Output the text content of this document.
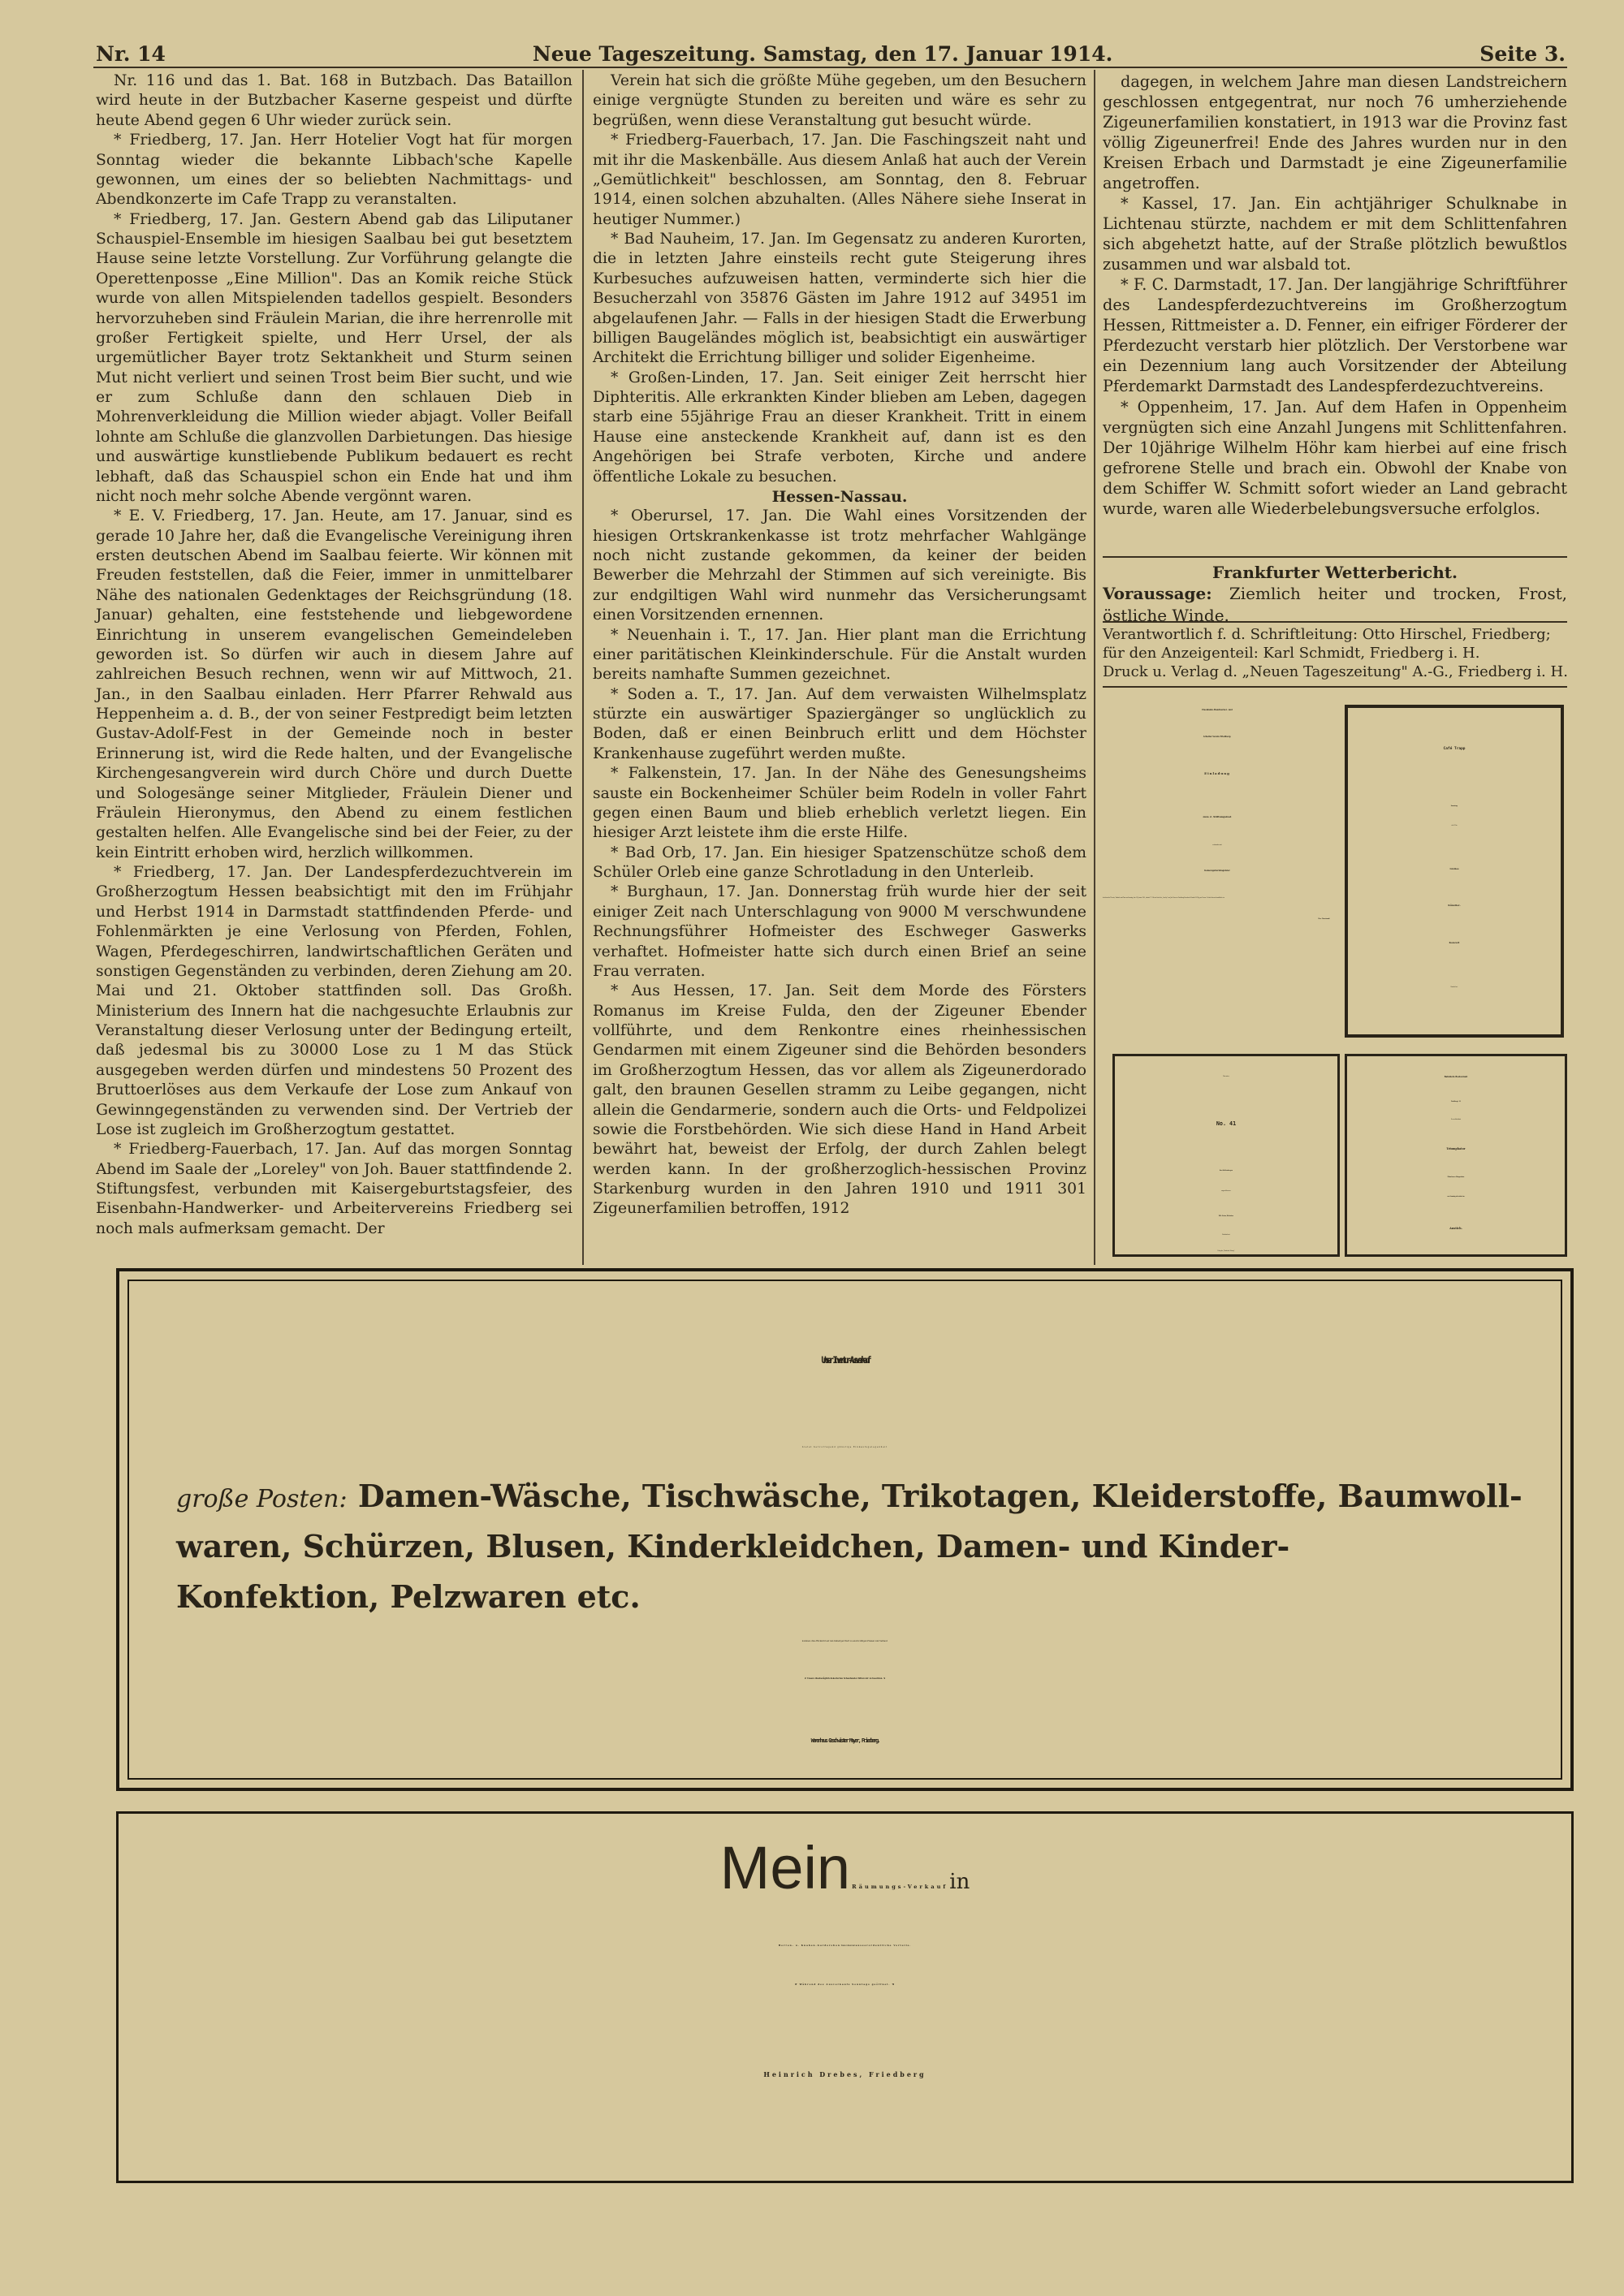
Nr. 14	Neue Tageszeitung. Samstag, den 17. Januar 1914.	Seite 3.

Nr. 116 und das 1. Bat. 168 in Butzbach. Das Bataillon wird heute in der Butzbacher Kaserne gespeist und dürfte heute Abend gegen 6 Uhr wieder zurück sein.

* Friedberg, 17. Jan. Herr Hotelier Vogt hat für morgen Sonntag wieder die bekannte Libbach'sche Kapelle gewonnen, um eines der so beliebten Nachmittags- und Abendkonzerte im Cafe Trapp zu veranstalten.

* Friedberg, 17. Jan. Gestern Abend gab das Liliputaner Schauspiel-Ensemble im hiesigen Saalbau bei gut besetztem Hause seine letzte Vorstellung. Zur Vorführung gelangte die Operettenposse „Eine Million". Das an Komik reiche Stück wurde von allen Mitspielenden tadellos gespielt. Besonders hervorzuheben sind Fräulein Marian, die ihre herrenrolle mit großer Fertigkeit spielte, und Herr Ursel, der als urgemütlicher Bayer trotz Sektankheit und Sturm seinen Mut nicht verliert und seinen Trost beim Bier sucht, und wie er zum Schluße dann den schlauen Dieb in Mohrenverkleidung die Million wieder abjagt. Voller Beifall lohnte am Schluße die glanzvollen Darbietungen. Das hiesige und auswärtige kunstliebende Publikum bedauert es recht lebhaft, daß das Schauspiel schon ein Ende hat und ihm nicht noch mehr solche Abende vergönnt waren.

* E. V. Friedberg, 17. Jan. Heute, am 17. Januar, sind es gerade 10 Jahre her, daß die Evangelische Vereinigung ihren ersten deutschen Abend im Saalbau feierte. Wir können mit Freuden feststellen, daß die Feier, immer in unmittelbarer Nähe des nationalen Gedenktages der Reichsgründung (18. Januar) gehalten, eine feststehende und liebgewordene Einrichtung in unserem evangelischen Gemeindeleben geworden ist. So dürfen wir auch in diesem Jahre auf zahlreichen Besuch rechnen, wenn wir auf Mittwoch, 21. Jan., in den Saalbau einladen. Herr Pfarrer Rehwald aus Heppenheim a. d. B., der von seiner Festpredigt beim letzten Gustav-Adolf-Fest in der Gemeinde noch in bester Erinnerung ist, wird die Rede halten, und der Evangelische Kirchengesangverein wird durch Chöre und durch Duette und Sologesänge seiner Mitglieder, Fräulein Diener und Fräulein Hieronymus, den Abend zu einem festlichen gestalten helfen. Alle Evangelische sind bei der Feier, zu der kein Eintritt erhoben wird, herzlich willkommen.

* Friedberg, 17. Jan. Der Landespferdezuchtverein im Großherzogtum Hessen beabsichtigt mit den im Frühjahr und Herbst 1914 in Darmstadt stattfindenden Pferde- und Fohlenmärkten je eine Verlosung von Pferden, Fohlen, Wagen, Pferdegeschirren, landwirtschaftlichen Geräten und sonstigen Gegenständen zu verbinden, deren Ziehung am 20. Mai und 21. Oktober stattfinden soll. Das Großh. Ministerium des Innern hat die nachgesuchte Erlaubnis zur Veranstaltung dieser Verlosung unter der Bedingung erteilt, daß jedesmal bis zu 30000 Lose zu 1 M das Stück ausgegeben werden dürfen und mindestens 50 Prozent des Bruttoerlöses aus dem Verkaufe der Lose zum Ankauf von Gewinngegenständen zu verwenden sind. Der Vertrieb der Lose ist zugleich im Großherzogtum gestattet.

* Friedberg-Fauerbach, 17. Jan. Auf das morgen Sonntag Abend im Saale der „Loreley" von Joh. Bauer stattfindende 2. Stiftungsfest, verbunden mit Kaisergeburtstagsfeier, des Eisenbahn-Handwerker- und Arbeitervereins Friedberg sei noch mals aufmerksam gemacht. Der

Verein hat sich die größte Mühe gegeben, um den Besuchern einige vergnügte Stunden zu bereiten und wäre es sehr zu begrüßen, wenn diese Veranstaltung gut besucht würde.

* Friedberg-Fauerbach, 17. Jan. Die Faschingszeit naht und mit ihr die Maskenbälle. Aus diesem Anlaß hat auch der Verein „Gemütlichkeit" beschlossen, am Sonntag, den 8. Februar 1914, einen solchen abzuhalten. (Alles Nähere siehe Inserat in heutiger Nummer.)

* Bad Nauheim, 17. Jan. Im Gegensatz zu anderen Kurorten, die in letzten Jahre einsteils recht gute Steigerung ihres Kurbesuches aufzuweisen hatten, verminderte sich hier die Besucherzahl von 35876 Gästen im Jahre 1912 auf 34951 im abgelaufenen Jahr. — Falls in der hiesigen Stadt die Erwerbung billigen Baugeländes möglich ist, beabsichtigt ein auswärtiger Architekt die Errichtung billiger und solider Eigenheime.

* Großen-Linden, 17. Jan. Seit einiger Zeit herrscht hier Diphteritis. Alle erkrankten Kinder blieben am Leben, dagegen starb eine 55jährige Frau an dieser Krankheit. Tritt in einem Hause eine ansteckende Krankheit auf, dann ist es den Angehörigen bei Strafe verboten, Kirche und andere öffentliche Lokale zu besuchen.

Hessen-Nassau.

* Oberursel, 17. Jan. Die Wahl eines Vorsitzenden der hiesigen Ortskrankenkasse ist trotz mehrfacher Wahlgänge noch nicht zustande gekommen, da keiner der beiden Bewerber die Mehrzahl der Stimmen auf sich vereinigte. Bis zur endgiltigen Wahl wird nunmehr das Versicherungsamt einen Vorsitzenden ernennen.

* Neuenhain i. T., 17. Jan. Hier plant man die Errichtung einer paritätischen Kleinkinderschule. Für die Anstalt wurden bereits namhafte Summen gezeichnet.

* Soden a. T., 17. Jan. Auf dem verwaisten Wilhelmsplatz stürzte ein auswärtiger Spaziergänger so unglücklich zu Boden, daß er einen Beinbruch erlitt und dem Höchster Krankenhause zugeführt werden mußte.

* Falkenstein, 17. Jan. In der Nähe des Genesungsheims sauste ein Bockenheimer Schüler beim Rodeln in voller Fahrt gegen einen Baum und blieb erheblich verletzt liegen. Ein hiesiger Arzt leistete ihm die erste Hilfe.

* Bad Orb, 17. Jan. Ein hiesiger Spatzenschütze schoß dem Schüler Orleb eine ganze Schrotladung in den Unterleib.

* Burghaun, 17. Jan. Donnerstag früh wurde hier der seit einiger Zeit nach Unterschlagung von 9000 M verschwundene Rechnungsführer Hofmeister des Eschweger Gaswerks verhaftet. Hofmeister hatte sich durch einen Brief an seine Frau verraten.

* Aus Hessen, 17. Jan. Seit dem Morde des Försters Romanus im Kreise Fulda, den der Zigeuner Ebender vollführte, und dem Renkontre eines rheinhessischen Gendarmen mit einem Zigeuner sind die Behörden besonders im Großherzogtum Hessen, das vor allem als Zigeunerdorado galt, den braunen Gesellen stramm zu Leibe gegangen, nicht allein die Gendarmerie, sondern auch die Orts- und Feldpolizei sowie die Forstbehörden. Wie sich diese Hand in Hand Arbeit bewährt hat, beweist der Erfolg, der durch Zahlen belegt werden kann. In der großherzoglich-hessischen Provinz Starkenburg wurden in den Jahren 1910 und 1911 301 Zigeunerfamilien betroffen, 1912

dagegen, in welchem Jahre man diesen Landstreichern geschlossen entgegentrat, nur noch 76 umherziehende Zigeunerfamilien konstatiert, in 1913 war die Provinz fast völlig Zigeunerfrei! Ende des Jahres wurden nur in den Kreisen Erbach und Darmstadt je eine Zigeunerfamilie angetroffen.

* Kassel, 17. Jan. Ein achtjähriger Schulknabe in Lichtenau stürzte, nachdem er mit dem Schlittenfahren sich abgehetzt hatte, auf der Straße plötzlich bewußtlos zusammen und war alsbald tot.

* F. C. Darmstadt, 17. Jan. Der langjährige Schriftführer des Landespferdezuchtvereins im Großherzogtum Hessen, Rittmeister a. D. Fenner, ein eifriger Förderer der Pferdezucht verstarb hier plötzlich. Der Verstorbene war ein Dezennium lang auch Vorsitzender der Abteilung Pferdemarkt Darmstadt des Landespferdezuchtvereins.

* Oppenheim, 17. Jan. Auf dem Hafen in Oppenheim vergnügten sich eine Anzahl Jungens mit Schlittenfahren. Der 10jährige Wilhelm Höhr kam hierbei auf eine frisch gefrorene Stelle und brach ein. Obwohl der Knabe von dem Schiffer W. Schmitt sofort wieder an Land gebracht wurde, waren alle Wiederbelebungsversuche erfolglos.

Frankfurter Wetterbericht.

Voraussage: Ziemlich heiter und trocken, Frost, östliche Winde.

Verantwortlich f. d. Schriftleitung: Otto Hirschel, Friedberg;
für den Anzeigenteil: Karl Schmidt, Friedberg i. H.
Druck u. Verlag d. „Neuen Tageszeitung" A.-G., Friedberg i. H.
Eisenbahn-Handwerker- und
Arbeiter-Verein Friedberg.
Einladung
zum 2. Stiftungsfest
verbunden mit
Kaisersgeburtstagsfeier
bestehend in Theater, Tombola und Tanz am Sonntag, den 18. Januar 1914, abends 7½ Uhr im Saale der „Loreley" von Joh. Bauer in Friedberg-Fauerbach. Eintritt 30 Pfg. pro Person. Es ladet hierzu freundlichst ein
Der Vorstand.
Café Trapp
Sonntag,
ab 4 Uhr
Großes
Künstler-
Konzert
Eintritt frei.
Bin unter
No. 41
Amt Heldenbergen
angeschlossen.
Wilh. Scheer, Windecken
Buchdruckerei
Verlag der „Windecker Zeitung".
Bahnhofs-Restaurant
Friedberg i. H.
Das weltberühmt
Triumphator
Münchener Bürgerbräu
von Sonntag ab wieder im
Anstich.
Unser Inventur-Ausverkauf
bietet hervorragend günstige Einkaufsgelegenheit
große Posten: Damen-Wäsche, Tischwäsche, Trikotagen, Kleiderstoffe, Baumwoll-
waren, Schürzen, Blusen, Kinderkleidchen, Damen- und Kinder-
Konfektion, Pelzwaren etc.
kommen ohne Rücksicht auf den bisherigen Wert zu enorm billigen Preisen zum Verkauf.
☛ Unsere diesbezüglich dekorierten Schaufenster bitten wir zu beachten. ☚
Warenhaus Geschwister Mayer, Friedberg.
Mein Räumungs-Verkauf in
Herren- u. Knaben-Garderoben bietet diesmal ausserordentliche Vorteile.
☛ Während des Ausverkaufs Sonntags geöffnet. ☚
Heinrich Drebes, Friedberg
